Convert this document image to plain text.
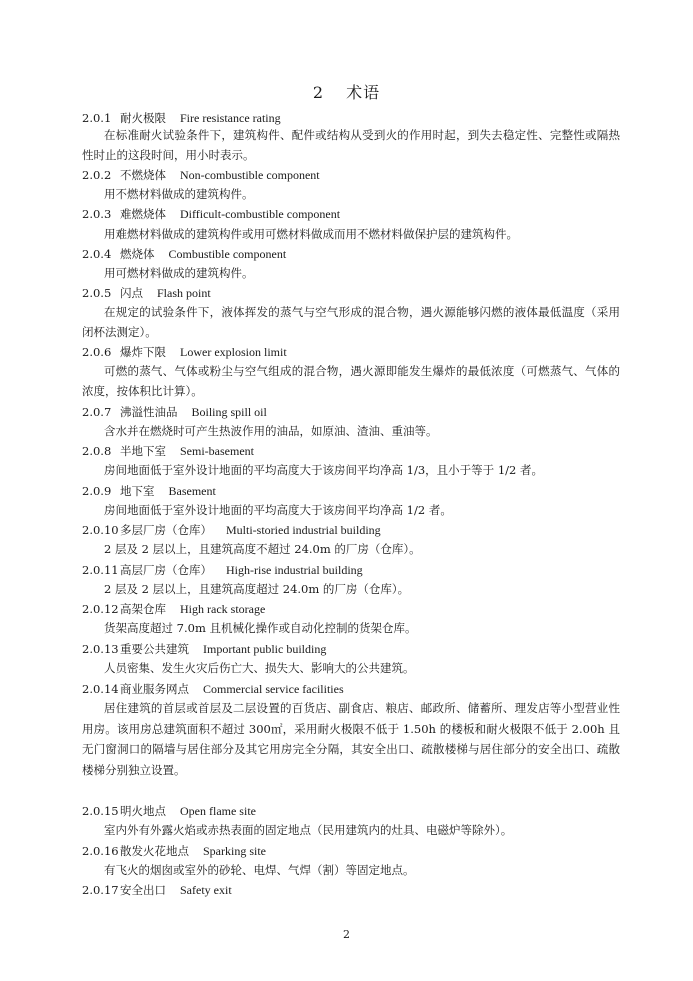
2 术语
2.0.1 耐火极限 Fire resistance rating
在标准耐火试验条件下，建筑构件、配件或结构从受到火的作用时起，到失去稳定性、完整性或隔热性时止的这段时间，用小时表示。
2.0.2 不燃烧体 Non-combustible component
用不燃材料做成的建筑构件。
2.0.3 难燃烧体 Difficult-combustible component
用难燃材料做成的建筑构件或用可燃材料做成而用不燃材料做保护层的建筑构件。
2.0.4 燃烧体 Combustible component
用可燃材料做成的建筑构件。
2.0.5 闪点 Flash point
在规定的试验条件下，液体挥发的蒸气与空气形成的混合物，遇火源能够闪燃的液体最低温度（采用闭杯法测定）。
2.0.6 爆炸下限 Lower explosion limit
可燃的蒸气、气体或粉尘与空气组成的混合物，遇火源即能发生爆炸的最低浓度（可燃蒸气、气体的浓度，按体积比计算）。
2.0.7 沸溢性油品 Boiling spill oil
含水并在燃烧时可产生热波作用的油品，如原油、渣油、重油等。
2.0.8 半地下室 Semi-basement
房间地面低于室外设计地面的平均高度大于该房间平均净高 1/3，且小于等于 1/2 者。
2.0.9 地下室 Basement
房间地面低于室外设计地面的平均高度大于该房间平均净高 1/2 者。
2.0.10多层厂房（仓库） Multi-storied industrial building
2 层及 2 层以上，且建筑高度不超过 24.0m 的厂房（仓库）。
2.0.11高层厂房（仓库） High-rise industrial building
2 层及 2 层以上，且建筑高度超过 24.0m 的厂房（仓库）。
2.0.12高架仓库 High rack storage
货架高度超过 7.0m 且机械化操作或自动化控制的货架仓库。
2.0.13重要公共建筑 Important public building
人员密集、发生火灾后伤亡大、损失大、影响大的公共建筑。
2.0.14商业服务网点 Commercial service facilities
居住建筑的首层或首层及二层设置的百货店、副食店、粮店、邮政所、储蓄所、理发店等小型营业性用房。该用房总建筑面积不超过 300㎡，采用耐火极限不低于 1.50h 的楼板和耐火极限不低于 2.00h 且无门窗洞口的隔墙与居住部分及其它用房完全分隔，其安全出口、疏散楼梯与居住部分的安全出口、疏散楼梯分别独立设置。
2.0.15明火地点 Open flame site
室内外有外露火焰或赤热表面的固定地点（民用建筑内的灶具、电磁炉等除外）。
2.0.16散发火花地点 Sparking site
有飞火的烟囱或室外的砂轮、电焊、气焊（割）等固定地点。
2.0.17安全出口 Safety exit
2
